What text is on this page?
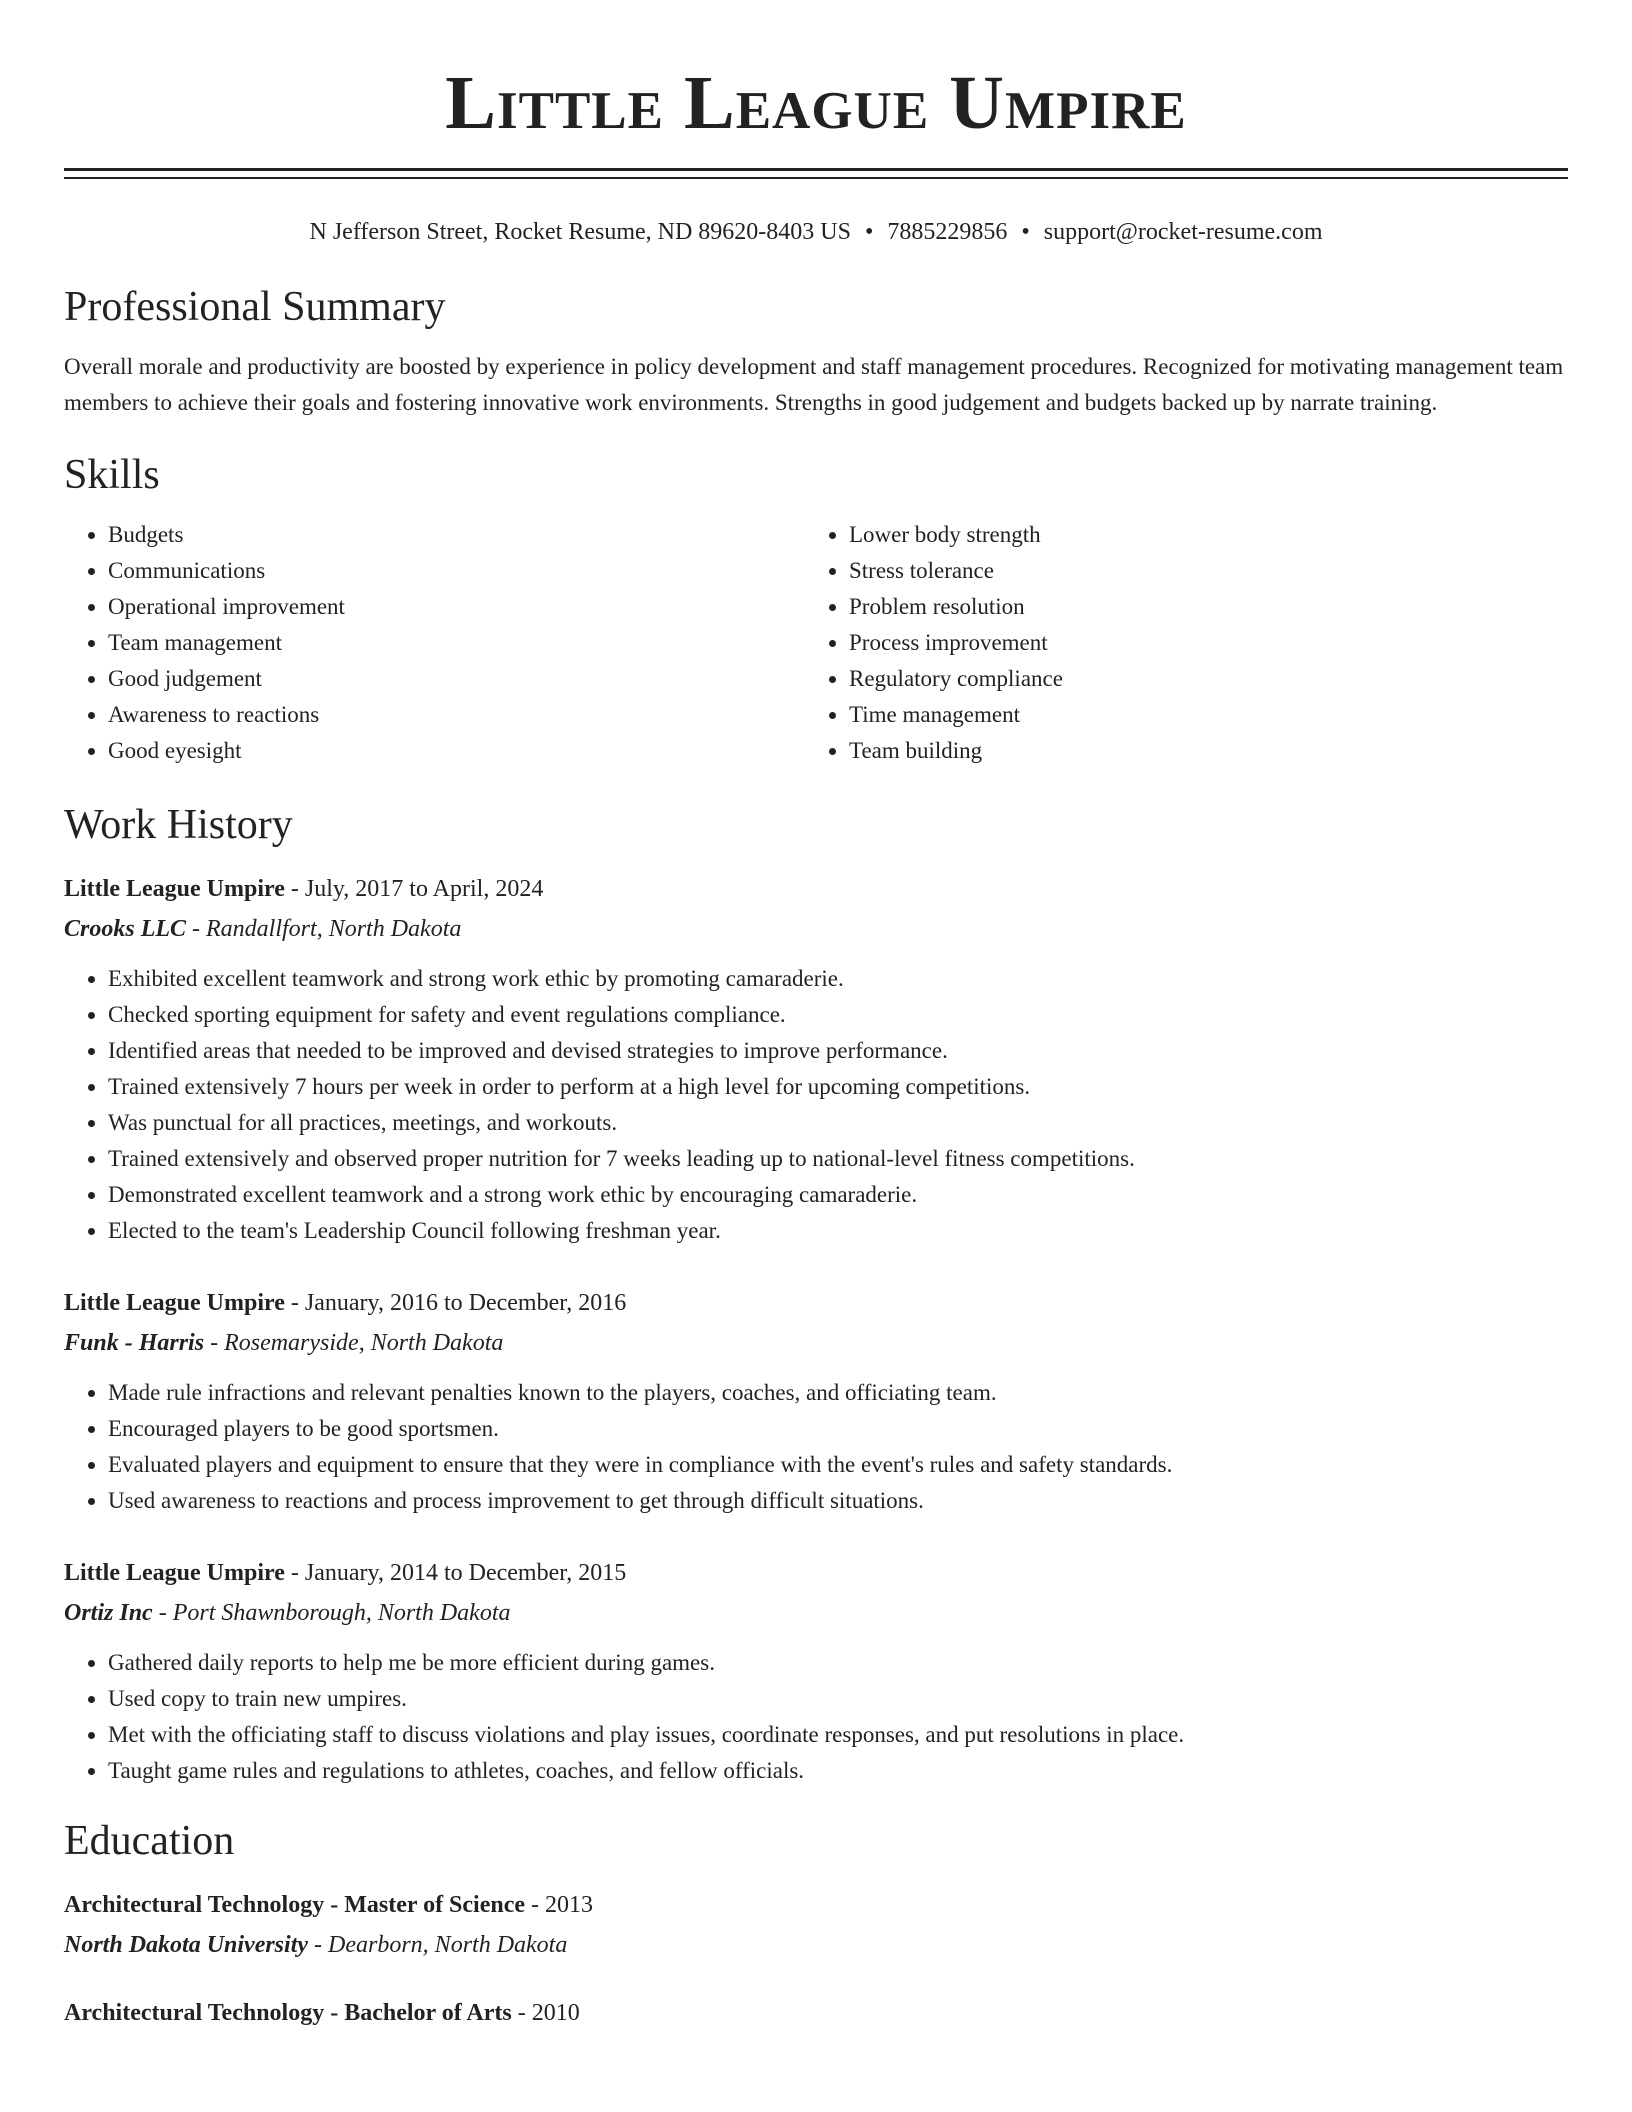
Little League Umpire
N Jefferson Street, Rocket Resume, ND 89620-8403 US • 7885229856 • support@rocket-resume.com
Professional Summary

Overall morale and productivity are boosted by experience in policy development and staff management procedures. Recognized for motivating management team members to achieve their goals and fostering innovative work environments. Strengths in good judgement and budgets backed up by narrate training.

Skills
• Budgets
• Communications
• Operational improvement
• Team management
• Good judgement
• Awareness to reactions
• Good eyesight
• Lower body strength
• Stress tolerance
• Problem resolution
• Process improvement
• Regulatory compliance
• Time management
• Team building
Work History
Little League Umpire - July, 2017 to April, 2024
Crooks LLC - Randallfort, North Dakota
• Exhibited excellent teamwork and strong work ethic by promoting camaraderie.
• Checked sporting equipment for safety and event regulations compliance.
• Identified areas that needed to be improved and devised strategies to improve performance.
• Trained extensively 7 hours per week in order to perform at a high level for upcoming competitions.
• Was punctual for all practices, meetings, and workouts.
• Trained extensively and observed proper nutrition for 7 weeks leading up to national-level fitness competitions.
• Demonstrated excellent teamwork and a strong work ethic by encouraging camaraderie.
• Elected to the team's Leadership Council following freshman year.
Little League Umpire - January, 2016 to December, 2016
Funk - Harris - Rosemaryside, North Dakota
• Made rule infractions and relevant penalties known to the players, coaches, and officiating team.
• Encouraged players to be good sportsmen.
• Evaluated players and equipment to ensure that they were in compliance with the event's rules and safety standards.
• Used awareness to reactions and process improvement to get through difficult situations.
Little League Umpire - January, 2014 to December, 2015
Ortiz Inc - Port Shawnborough, North Dakota
• Gathered daily reports to help me be more efficient during games.
• Used copy to train new umpires.
• Met with the officiating staff to discuss violations and play issues, coordinate responses, and put resolutions in place.
• Taught game rules and regulations to athletes, coaches, and fellow officials.
Education
Architectural Technology - Master of Science - 2013
North Dakota University - Dearborn, North Dakota
Architectural Technology - Bachelor of Arts - 2010
